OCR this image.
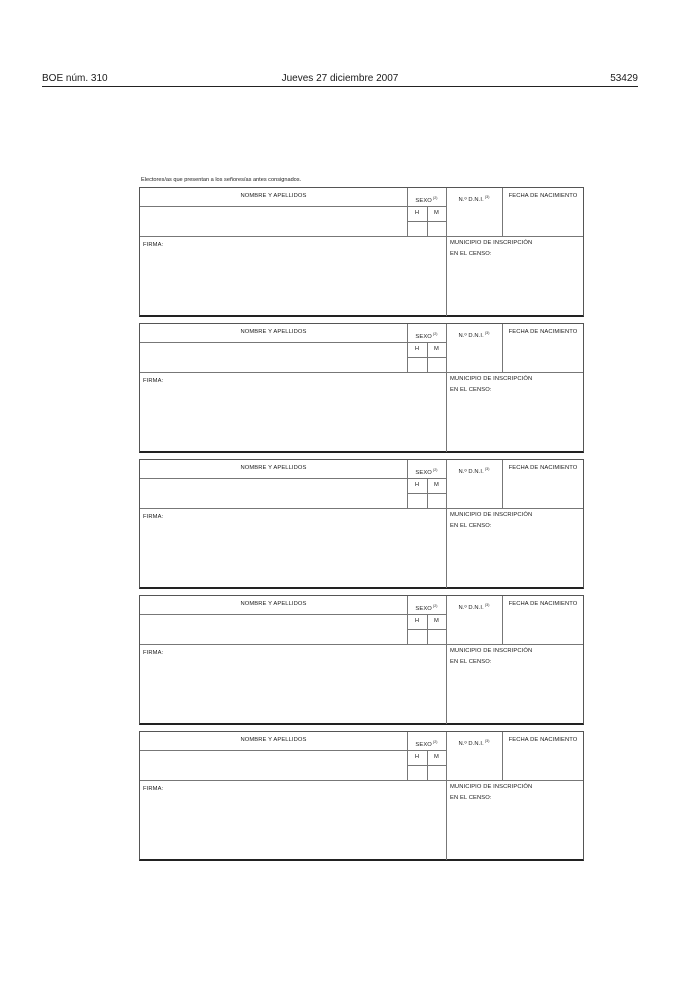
BOE núm. 310	Jueves 27 diciembre 2007	53429
Electores/as que presentan a los señores/as antes consignados.
NOMBRE Y APELLIDOS
SEXO$^{(2)}$
H	M
N.º D.N.I.$^{(3)}$	FECHA DE NACIMIENTO
FIRMA:	MUNICIPIO DE INSCRIPCIÓN
EN EL CENSO:
NOMBRE Y APELLIDOS
SEXO$^{(2)}$
H	M
N.º D.N.I.$^{(3)}$	FECHA DE NACIMIENTO
FIRMA:	MUNICIPIO DE INSCRIPCIÓN
EN EL CENSO:
NOMBRE Y APELLIDOS
SEXO$^{(2)}$
H	M
N.º D.N.I.$^{(3)}$	FECHA DE NACIMIENTO
FIRMA:	MUNICIPIO DE INSCRIPCIÓN
EN EL CENSO:
NOMBRE Y APELLIDOS
SEXO$^{(2)}$
H	M
N.º D.N.I.$^{(3)}$	FECHA DE NACIMIENTO
FIRMA:	MUNICIPIO DE INSCRIPCIÓN
EN EL CENSO:
NOMBRE Y APELLIDOS
SEXO$^{(2)}$
H	M
N.º D.N.I.$^{(3)}$	FECHA DE NACIMIENTO
FIRMA:	MUNICIPIO DE INSCRIPCIÓN
EN EL CENSO:
